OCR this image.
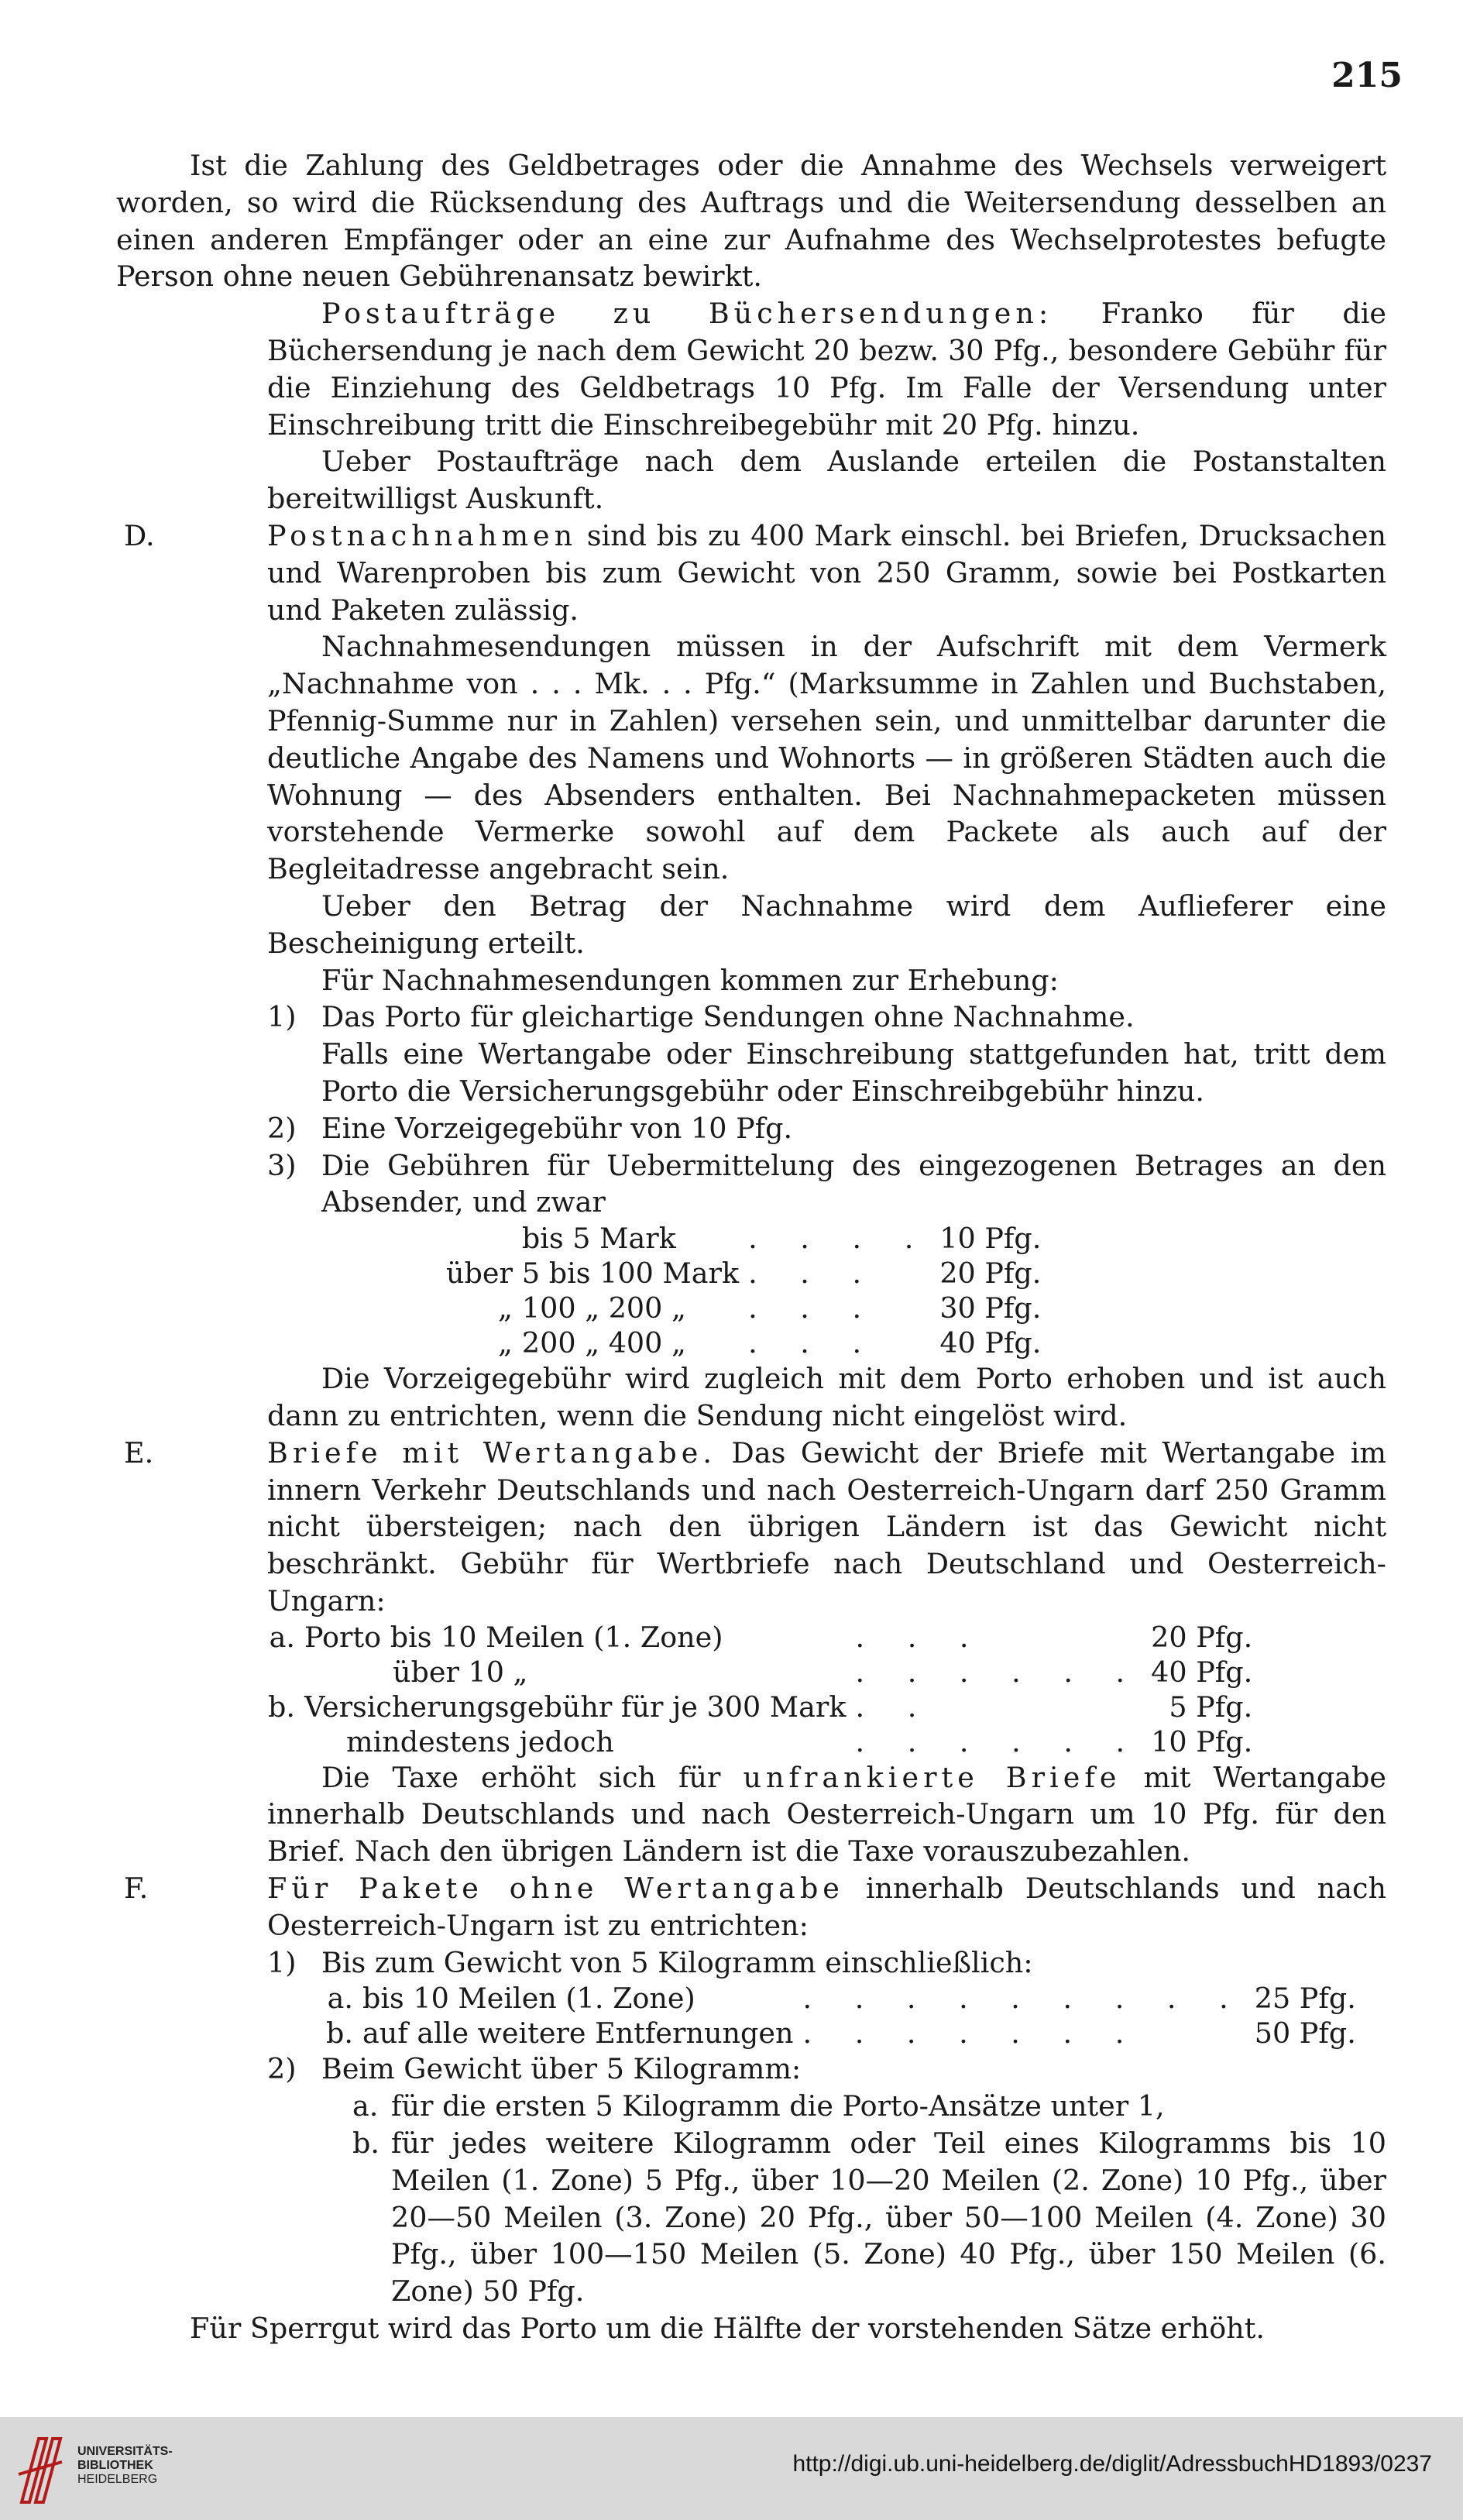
215

Ist die Zahlung des Geldbetrages oder die Annahme des Wechsels verweigert worden, so wird die Rücksendung des Auftrags und die Weitersendung desselben an einen anderen Empfänger oder an eine zur Aufnahme des Wechselprotestes befugte Person ohne neuen Gebührenansatz bewirkt.

Postaufträge zu Büchersendungen: Franko für die Büchersendung je nach dem Gewicht 20 bezw. 30 Pfg., besondere Gebühr für die Einziehung des Geldbetrags 10 Pfg. Im Falle der Versendung unter Einschreibung tritt die Einschreibegebühr mit 20 Pfg. hinzu.

Ueber Postaufträge nach dem Auslande erteilen die Postanstalten bereitwilligst Auskunft.

D.	Postnachnahmen sind bis zu 400 Mark einschl. bei Briefen, Drucksachen und Warenproben bis zum Gewicht von 250 Gramm, sowie bei Postkarten und Paketen zulässig.

Nachnahmesendungen müssen in der Aufschrift mit dem Vermerk „Nachnahme von . . . Mk. . . Pfg.“ (Marksumme in Zahlen und Buchstaben, Pfennig-Summe nur in Zahlen) versehen sein, und unmittelbar darunter die deutliche Angabe des Namens und Wohnorts — in größeren Städten auch die Wohnung — des Absenders enthalten. Bei Nachnahmepacketen müssen vorstehende Vermerke sowohl auf dem Packete als auch auf der Begleitadresse angebracht sein.

Ueber den Betrag der Nachnahme wird dem Auflieferer eine Bescheinigung erteilt.

Für Nachnahmesendungen kommen zur Erhebung:

1) Das Porto für gleichartige Sendungen ohne Nachnahme.

Falls eine Wertangabe oder Einschreibung stattgefunden hat, tritt dem Porto die Versicherungsgebühr oder Einschreibgebühr hinzu.

2) Eine Vorzeigegebühr von 10 Pfg.

3) Die Gebühren für Uebermittelung des eingezogenen Betrages an den Absender, und zwar

	bis 5 Mark	. . . .	10 Pfg.
über	5 bis 100 Mark	. . .	20 Pfg.
„	100 „ 200 „	. . .	30 Pfg.
„	200 „ 400 „	. . .	40 Pfg.

Die Vorzeigegebühr wird zugleich mit dem Porto erhoben und ist auch dann zu entrichten, wenn die Sendung nicht eingelöst wird.

E.	Briefe mit Wertangabe. Das Gewicht der Briefe mit Wertangabe im innern Verkehr Deutschlands und nach Oesterreich-Ungarn darf 250 Gramm nicht übersteigen; nach den übrigen Ländern ist das Gewicht nicht beschränkt. Gebühr für Wertbriefe nach Deutschland und Oesterreich-Ungarn:

a.	Porto bis 10 Meilen (1. Zone)	. . .	20 Pfg.
	über 10 „	. . . . . .	40 Pfg.
b.	Versicherungsgebühr für je 300 Mark	. .	5 Pfg.
	mindestens jedoch	. . . . . .	10 Pfg.

Die Taxe erhöht sich für unfrankierte Briefe mit Wertangabe innerhalb Deutschlands und nach Oesterreich-Ungarn um 10 Pfg. für den Brief. Nach den übrigen Ländern ist die Taxe vorauszubezahlen.

F.	Für Pakete ohne Wertangabe innerhalb Deutschlands und nach Oesterreich-Ungarn ist zu entrichten:

1) Bis zum Gewicht von 5 Kilogramm einschließlich:

a.	bis 10 Meilen (1. Zone)	. . . . . . . . .	25 Pfg.
b.	auf alle weitere Entfernungen	. . . . . . .	50 Pfg.

2) Beim Gewicht über 5 Kilogramm:

a. für die ersten 5 Kilogramm die Porto-Ansätze unter 1,

b. für jedes weitere Kilogramm oder Teil eines Kilogramms bis 10 Meilen (1. Zone) 5 Pfg., über 10—20 Meilen (2. Zone) 10 Pfg., über 20—50 Meilen (3. Zone) 20 Pfg., über 50—100 Meilen (4. Zone) 30 Pfg., über 100—150 Meilen (5. Zone) 40 Pfg., über 150 Meilen (6. Zone) 50 Pfg.

Für Sperrgut wird das Porto um die Hälfte der vorstehenden Sätze erhöht.

UNIVERSITÄTS-
BIBLIOTHEK
HEIDELBERG
http://digi.ub.uni-heidelberg.de/diglit/AdressbuchHD1893/0237
